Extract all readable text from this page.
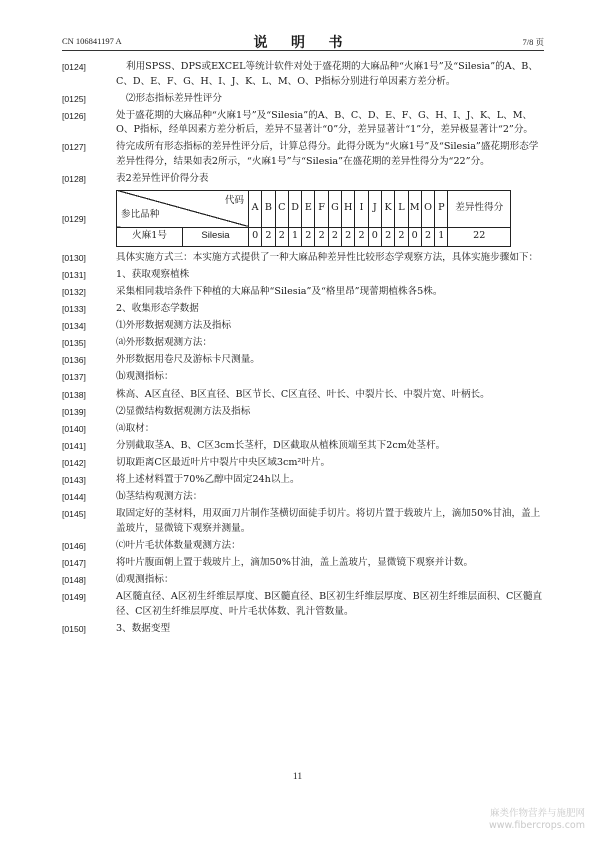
CN 106841197 A	说 明 书	7/8 页
[0124]	利用SPSS、DPS或EXCEL等统计软件对处于盛花期的大麻品种“火麻1号”及“Silesia”的A、B、C、D、E、F、G、H、I、J、K、L、M、O、P指标分别进行单因素方差分析。
[0125]	⑵形态指标差异性评分
[0126]	处于盛花期的大麻品种“火麻1号”及“Silesia”的A、B、C、D、E、F、G、H、I、J、K、L、M、O、P指标，经单因素方差分析后，差异不显著计“0”分，差异显著计“1”分，差异极显著计“2”分。
[0127]	待完成所有形态指标的差异性评分后，计算总得分。此得分既为“火麻1号”及“Silesia”盛花期形态学差异性得分，结果如表2所示，“火麻1号”与“Silesia”在盛花期的差异性得分为“22”分。
[0128]	表2差异性评价得分表
[0129]
代码
参比品种		A	B	C	D	E	F	G	H	I	J	K	L	M	O	P	差异性得分
火麻1号	Silesia	0	2	2	1	2	2	2	2	2	0	2	2	0	2	1	22
[0130]	具体实施方式三：本实施方式提供了一种大麻品种差异性比较形态学观察方法，具体实施步骤如下：
[0131]	1、获取观察植株
[0132]	采集相同栽培条件下种植的大麻品种“Silesia”及“格里昂”现蕾期植株各5株。
[0133]	2、收集形态学数据
[0134]	⑴外形数据观测方法及指标
[0135]	⒜外形数据观测方法：
[0136]	外形数据用卷尺及游标卡尺测量。
[0137]	⒝观测指标：
[0138]	株高、A区直径、B区直径、B区节长、C区直径、叶长、中裂片长、中裂片宽、叶柄长。
[0139]	⑵显微结构数据观测方法及指标
[0140]	⒜取材：
[0141]	分别截取茎A、B、C区3cm长茎杆，D区截取从植株顶端至其下2cm处茎杆。
[0142]	切取距离C区最近叶片中裂片中央区域3cm²叶片。
[0143]	将上述材料置于70%乙醇中固定24h以上。
[0144]	⒝茎结构观测方法：
[0145]	取固定好的茎材料，用双面刀片制作茎横切面徒手切片。将切片置于载玻片上，滴加50%甘油，盖上盖玻片，显微镜下观察并测量。
[0146]	⒞叶片毛状体数量观测方法：
[0147]	将叶片腹面朝上置于载玻片上，滴加50%甘油，盖上盖玻片，显微镜下观察并计数。
[0148]	⒟观测指标：
[0149]	A区髓直径、A区初生纤维层厚度、B区髓直径、B区初生纤维层厚度、B区初生纤维层面积、C区髓直径、C区初生纤维层厚度、叶片毛状体数、乳汁管数量。
[0150]	3、数据变型
11
麻类作物营养与施肥网
www.fibercrops.com
